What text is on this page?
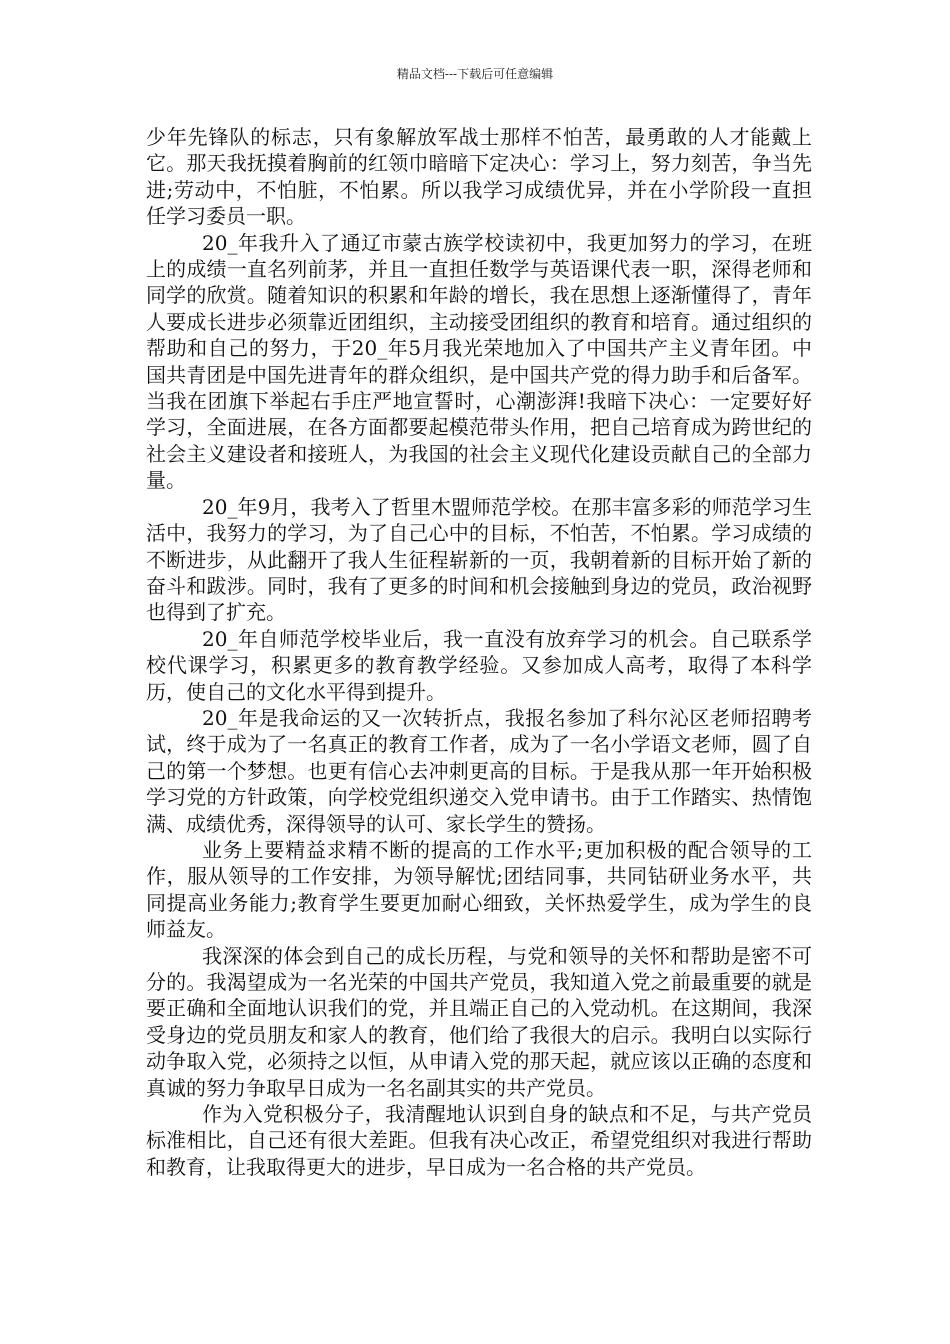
精品文档---下载后可任意编辑

少年先锋队的标志，只有象解放军战士那样不怕苦，最勇敢的人才能戴上它。那天我抚摸着胸前的红领巾暗暗下定决心：学习上，努力刻苦，争当先进;劳动中，不怕脏，不怕累。所以我学习成绩优异，并在小学阶段一直担任学习委员一职。

20_年我升入了通辽市蒙古族学校读初中，我更加努力的学习，在班上的成绩一直名列前茅，并且一直担任数学与英语课代表一职，深得老师和同学的欣赏。随着知识的积累和年龄的增长，我在思想上逐渐懂得了，青年人要成长进步必须靠近团组织，主动接受团组织的教育和培育。通过组织的帮助和自己的努力，于20_年5月我光荣地加入了中国共产主义青年团。中国共青团是中国先进青年的群众组织，是中国共产党的得力助手和后备军。当我在团旗下举起右手庄严地宣誓时，心潮澎湃!我暗下决心：一定要好好学习，全面进展，在各方面都要起模范带头作用，把自己培育成为跨世纪的社会主义建设者和接班人，为我国的社会主义现代化建设贡献自己的全部力量。

20_年9月，我考入了哲里木盟师范学校。在那丰富多彩的师范学习生活中，我努力的学习，为了自己心中的目标，不怕苦，不怕累。学习成绩的不断进步，从此翻开了我人生征程崭新的一页，我朝着新的目标开始了新的奋斗和跋涉。同时，我有了更多的时间和机会接触到身边的党员，政治视野也得到了扩充。

20_年自师范学校毕业后，我一直没有放弃学习的机会。自己联系学校代课学习，积累更多的教育教学经验。又参加成人高考，取得了本科学历，使自己的文化水平得到提升。

20_年是我命运的又一次转折点，我报名参加了科尔沁区老师招聘考试，终于成为了一名真正的教育工作者，成为了一名小学语文老师，圆了自己的第一个梦想。也更有信心去冲刺更高的目标。于是我从那一年开始积极学习党的方针政策，向学校党组织递交入党申请书。由于工作踏实、热情饱满、成绩优秀，深得领导的认可、家长学生的赞扬。

业务上要精益求精不断的提高的工作水平;更加积极的配合领导的工作，服从领导的工作安排，为领导解忧;团结同事，共同钻研业务水平，共同提高业务能力;教育学生要更加耐心细致，关怀热爱学生，成为学生的良师益友。

我深深的体会到自己的成长历程，与党和领导的关怀和帮助是密不可分的。我渴望成为一名光荣的中国共产党员，我知道入党之前最重要的就是要正确和全面地认识我们的党，并且端正自己的入党动机。在这期间，我深受身边的党员朋友和家人的教育，他们给了我很大的启示。我明白以实际行动争取入党，必须持之以恒，从申请入党的那天起，就应该以正确的态度和真诚的努力争取早日成为一名名副其实的共产党员。

作为入党积极分子，我清醒地认识到自身的缺点和不足，与共产党员标准相比，自己还有很大差距。但我有决心改正，希望党组织对我进行帮助和教育，让我取得更大的进步，早日成为一名合格的共产党员。
